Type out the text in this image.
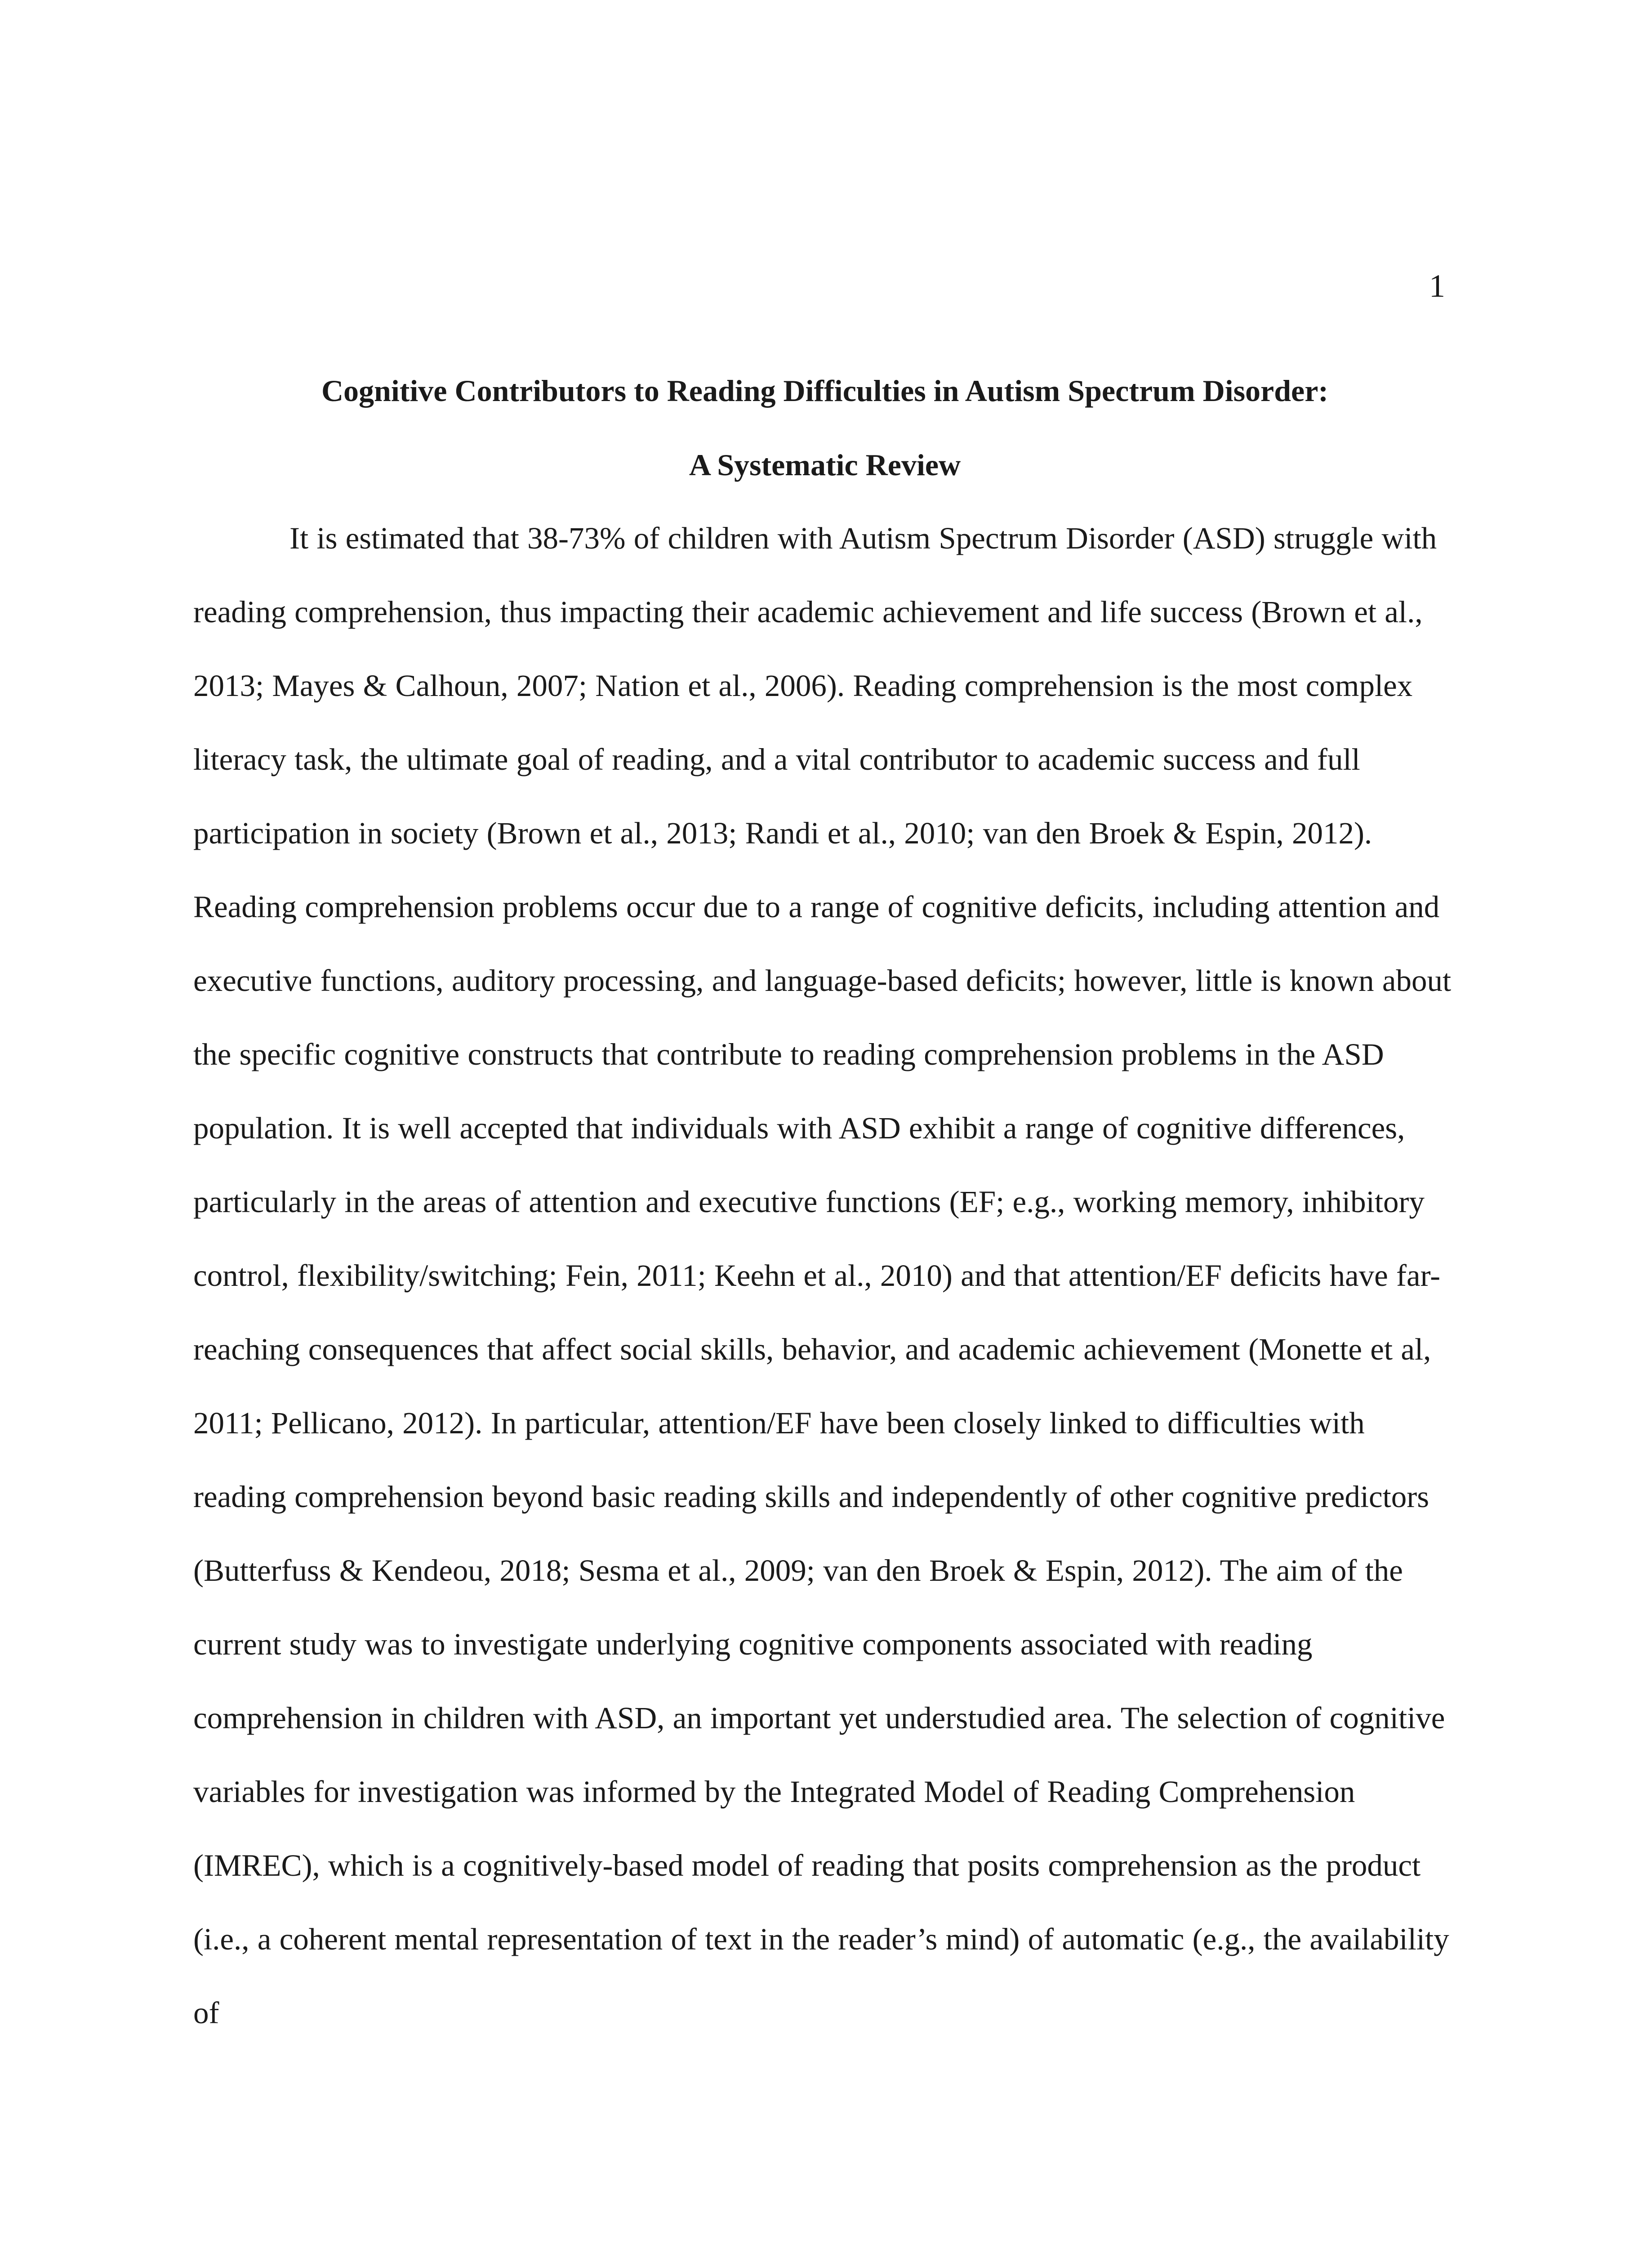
1
Cognitive Contributors to Reading Difficulties in Autism Spectrum Disorder:
A Systematic Review

It is estimated that 38-73% of children with Autism Spectrum Disorder (ASD) struggle with reading comprehension, thus impacting their academic achievement and life success (Brown et al., 2013; Mayes & Calhoun, 2007; Nation et al., 2006). Reading comprehension is the most complex literacy task, the ultimate goal of reading, and a vital contributor to academic success and full participation in society (Brown et al., 2013; Randi et al., 2010; van den Broek & Espin, 2012). Reading comprehension problems occur due to a range of cognitive deficits, including attention and executive functions, auditory processing, and language-based deficits; however, little is known about the specific cognitive constructs that contribute to reading comprehension problems in the ASD population. It is well accepted that individuals with ASD exhibit a range of cognitive differences, particularly in the areas of attention and executive functions (EF; e.g., working memory, inhibitory control, flexibility/switching; Fein, 2011; Keehn et al., 2010) and that attention/EF deficits have far-reaching consequences that affect social skills, behavior, and academic achievement (Monette et al, 2011; Pellicano, 2012). In particular, attention/EF have been closely linked to difficulties with reading comprehension beyond basic reading skills and independently of other cognitive predictors (Butterfuss & Kendeou, 2018; Sesma et al., 2009; van den Broek & Espin, 2012). The aim of the current study was to investigate underlying cognitive components associated with reading comprehension in children with ASD, an important yet understudied area. The selection of cognitive variables for investigation was informed by the Integrated Model of Reading Comprehension (IMREC), which is a cognitively-based model of reading that posits comprehension as the product (i.e., a coherent mental representation of text in the reader’s mind) of automatic (e.g., the availability of
